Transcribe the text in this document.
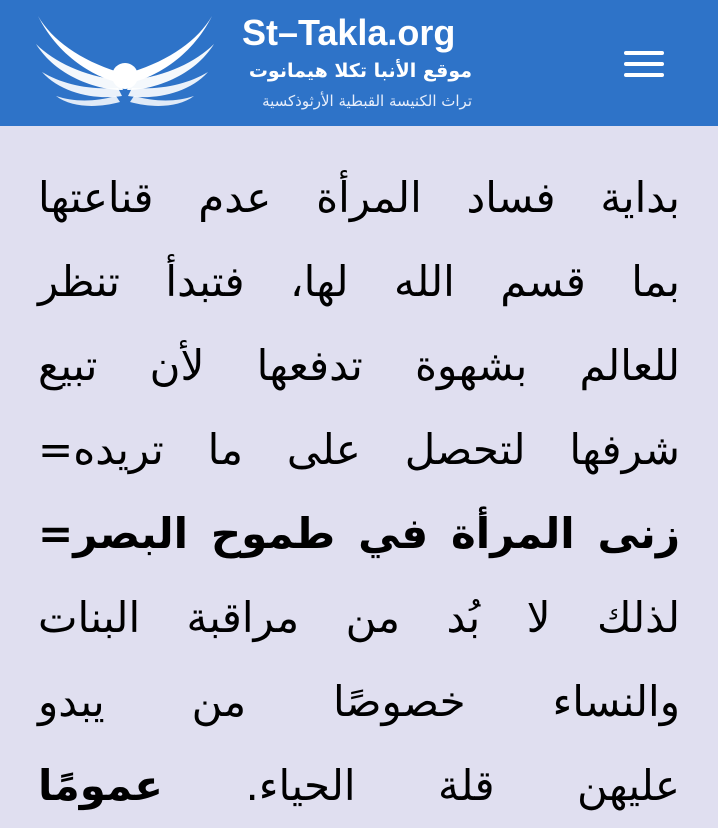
St–Takla.org
موقع الأنبا تكلا هيمانوت
تراث الكنيسة القبطية الأرثوذكسية
بداية فساد المرأة عدم قناعتها
بما قسم الله لها، فتبدأ تنظر
للعالم بشهوة تدفعها لأن تبيع
شرفها لتحصل على ما تريده=
زنى المرأة في طموح البصر=
لذلك لا بُد من مراقبة البنات
والنساء خصوصًا من يبدو
عليهن قلة الحياء. عمومًا
